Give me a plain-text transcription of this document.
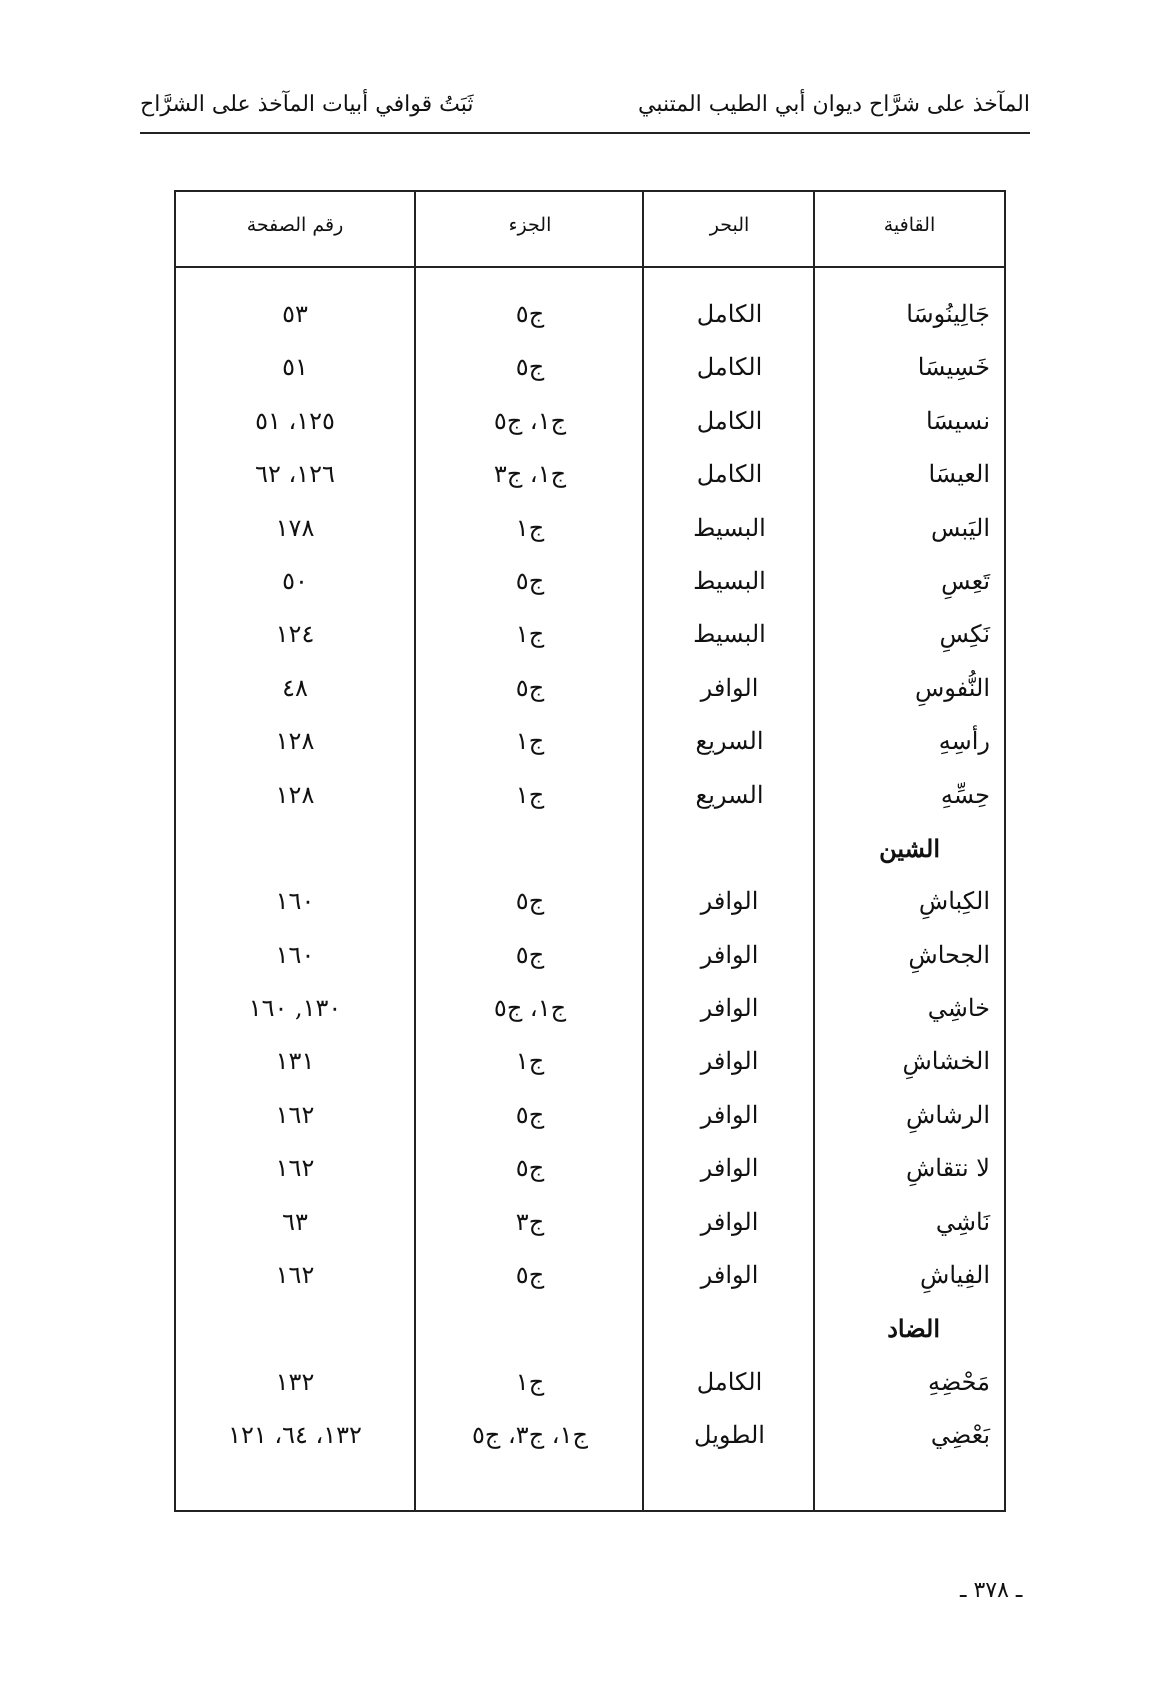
المآخذ على شرَّاح ديوان أبي الطيب المتنبي
ثَبَتُ قوافي أبيات المآخذ على الشرَّاح
القافية
البحر
الجزء
رقم الصفحة
جَالِينُوسَا
الكامل
ج٥
٥٣
خَسِيسَا
الكامل
ج٥
٥١
نسيسَا
الكامل
ج١، ج٥
١٢٥، ٥١
العيسَا
الكامل
ج١، ج٣
١٢٦، ٦٢
اليَبس
البسيط
ج١
١٧٨
تَعِسِ
البسيط
ج٥
٥٠
نَكِسِ
البسيط
ج١
١٢٤
النُّفوسِ
الوافر
ج٥
٤٨
رأسِهِ
السريع
ج١
١٢٨
حِسِّهِ
السريع
ج١
١٢٨
الشين
الكِباشِ
الوافر
ج٥
١٦٠
الجحاشِ
الوافر
ج٥
١٦٠
خاشِي
الوافر
ج١، ج٥
١٣٠, ١٦٠
الخشاشِ
الوافر
ج١
١٣١
الرشاشِ
الوافر
ج٥
١٦٢
لا نتقاشِ
الوافر
ج٥
١٦٢
نَاشِي
الوافر
ج٣
٦٣
الفِياشِ
الوافر
ج٥
١٦٢
الضاد
مَحْضِهِ
الكامل
ج١
١٣٢
بَعْضِي
الطويل
ج١، ج٣، ج٥
١٣٢، ٦٤، ١٢١
ـ ٣٧٨ ـ
